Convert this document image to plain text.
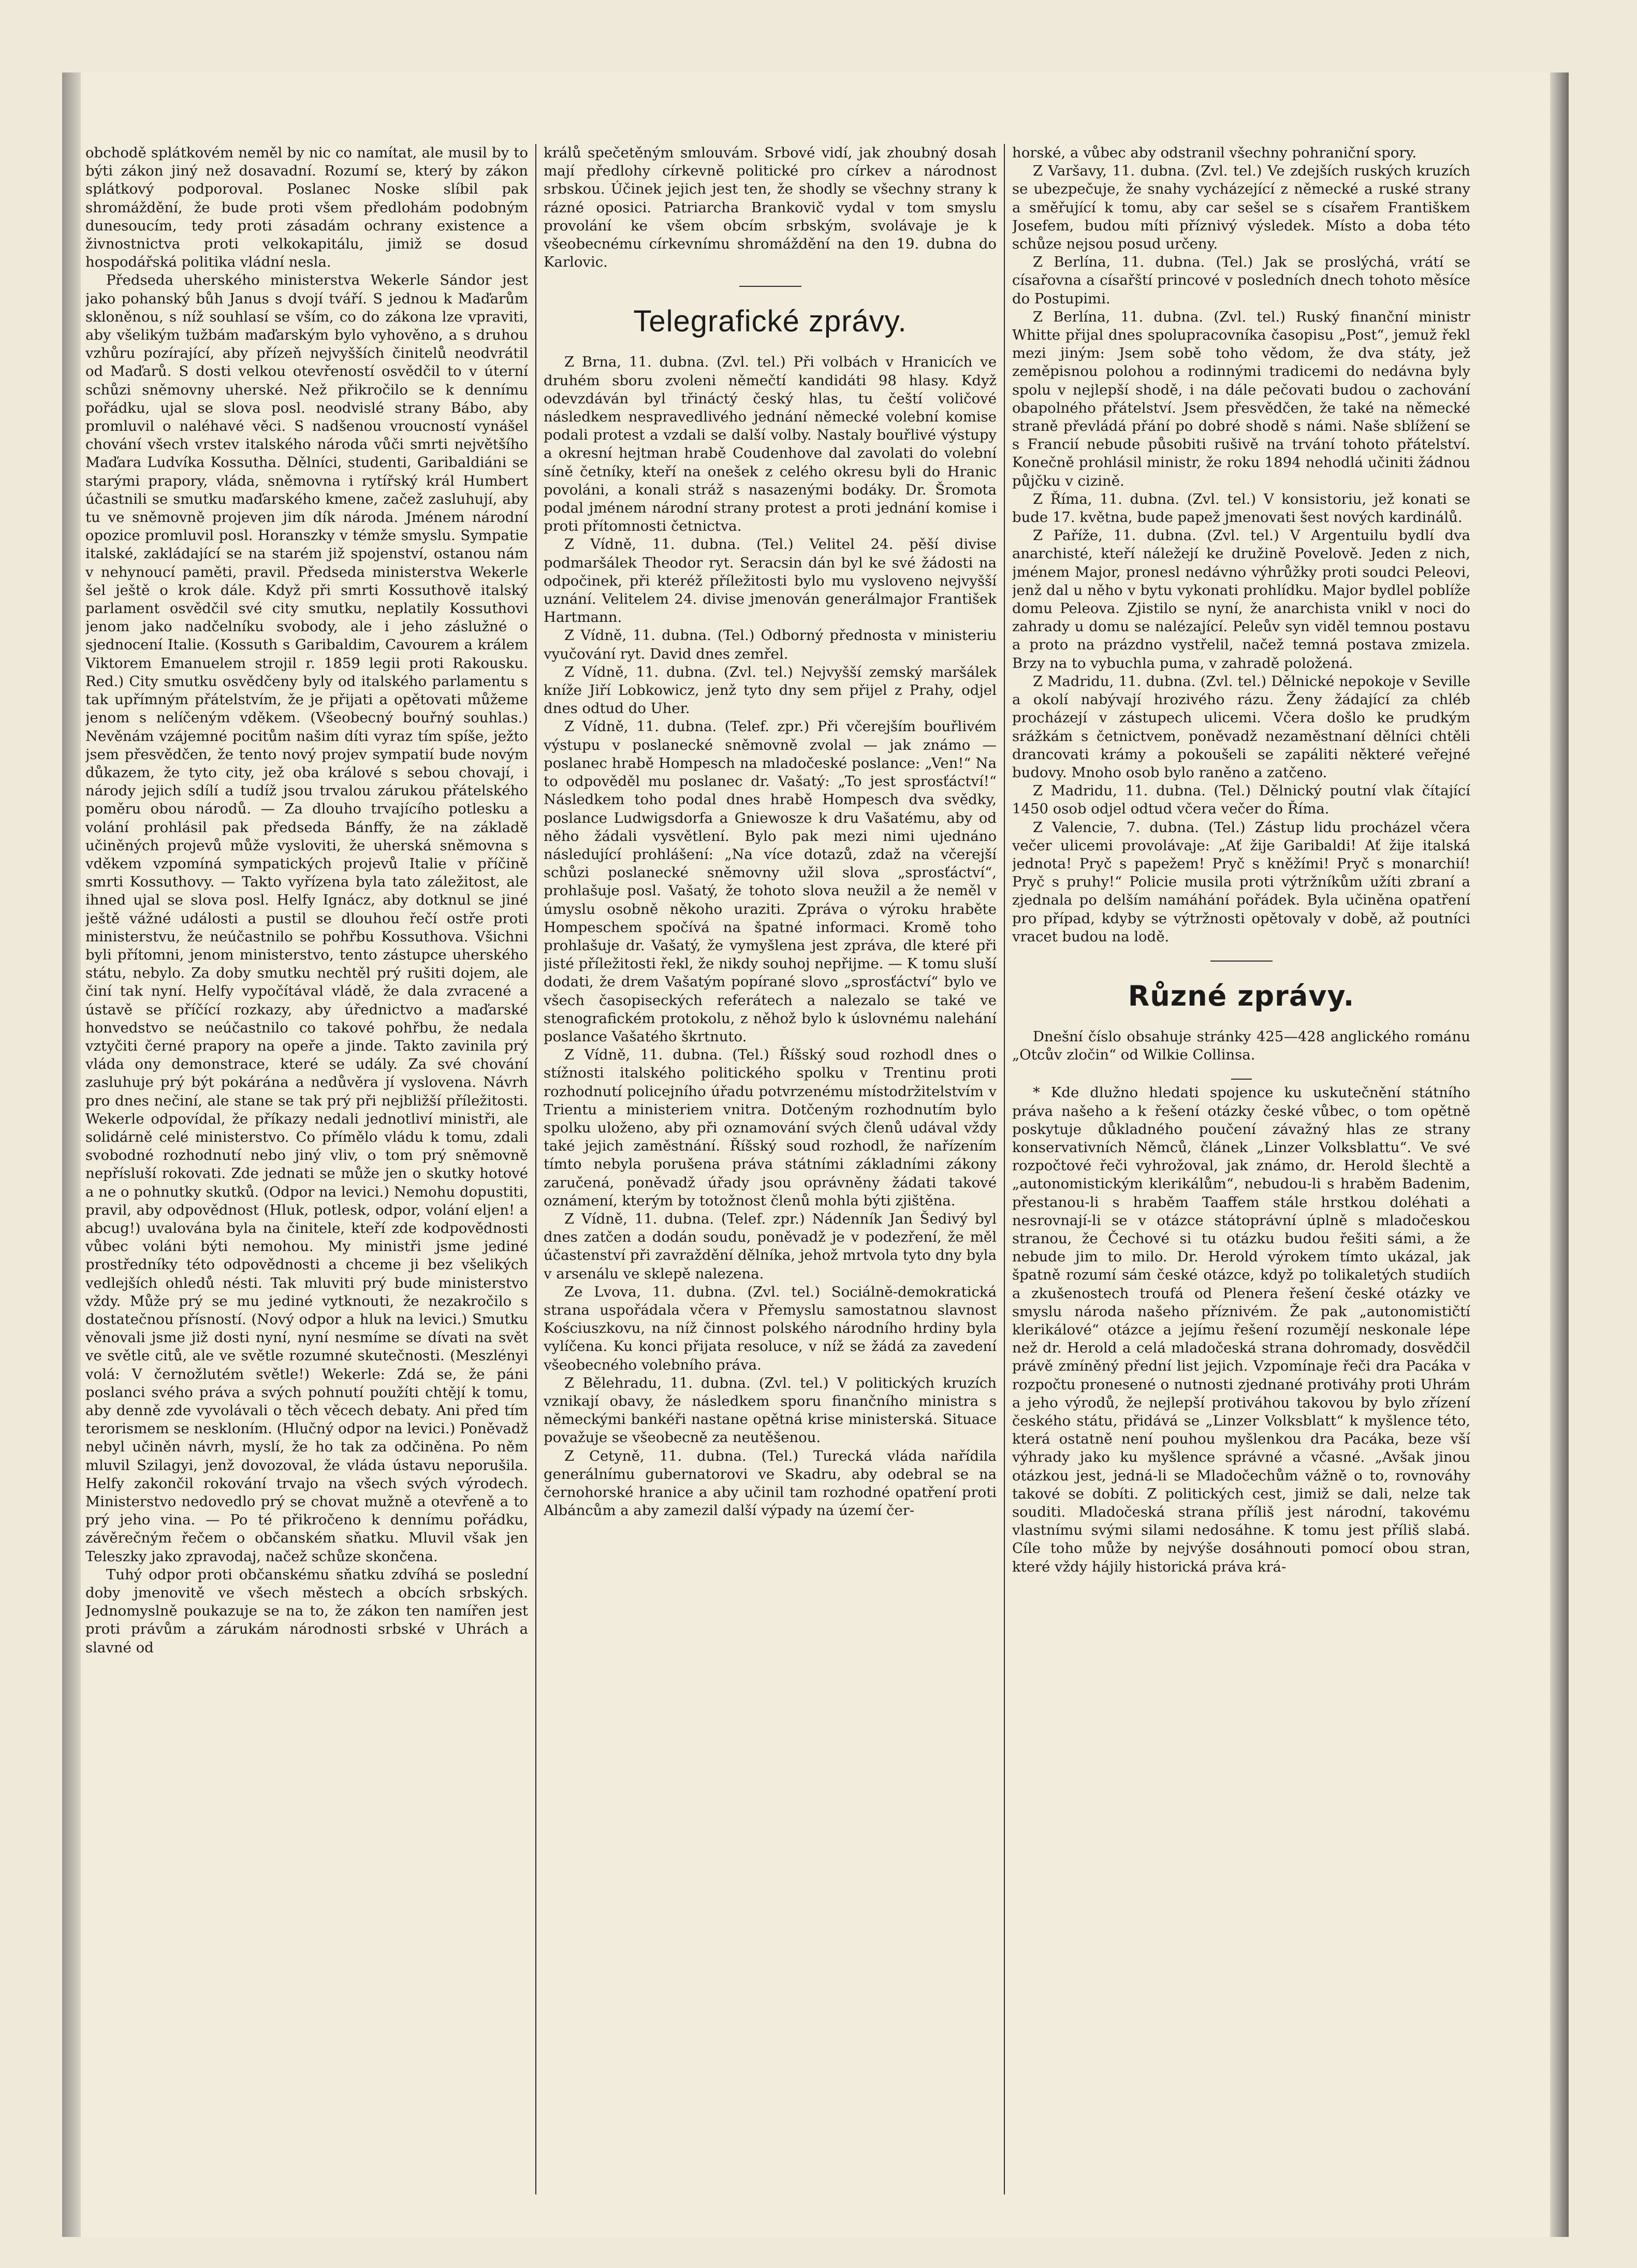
obchodě splátkovém neměl by nic co namítat, ale musil by to býti zákon jiný než dosavadní. Rozumí se, který by zákon splátkový podporoval. Poslanec Noske slíbil pak shromáždění, že bude proti všem předlohám podobným dunesoucím, tedy proti zásadám ochrany existence a živnostnictva proti velkokapitálu, jimiž se dosud hospodářská politika vládní nesla.

Předseda uherského ministerstva Wekerle Sándor jest jako pohanský bůh Janus s dvojí tváří. S jednou k Maďarům skloněnou, s níž souhlasí se vším, co do zákona lze vpraviti, aby všelikým tužbám maďarským bylo vyhověno, a s druhou vzhůru pozírající, aby přízeň nejvyšších činitelů neodvrátil od Maďarů. S dosti velkou otevřeností osvědčil to v úterní schůzi sněmovny uherské. Než přikročilo se k dennímu pořádku, ujal se slova posl. neodvislé strany Bábo, aby promluvil o naléhavé věci. S nadšenou vroucností vynášel chování všech vrstev italského národa vůči smrti největšího Maďara Ludvíka Kossutha. Dělníci, studenti, Garibaldiáni se starými prapory, vláda, sněmovna i rytířský král Humbert účastnili se smutku maďarského kmene, začež zasluhují, aby tu ve sněmovně projeven jim dík národa. Jménem národní opozice promluvil posl. Horanszky v témže smyslu. Sympatie italské, zakládající se na starém již spojenství, ostanou nám v nehynoucí paměti, pravil. Předseda ministerstva Wekerle šel ještě o krok dále. Když při smrti Kossuthově italský parlament osvědčil své city smutku, neplatily Kossuthovi jenom jako nadčelníku svobody, ale i jeho záslužné o sjednocení Italie. (Kossuth s Garibaldim, Cavourem a králem Viktorem Emanuelem strojil r. 1859 legii proti Rakousku. Red.) City smutku osvědčeny byly od italského parlamentu s tak upřímným přátelstvím, že je přijati a opětovati můžeme jenom s nelíčeným vděkem. (Všeobecný bouřný souhlas.) Nevěnám vzájemné pocitům našim díti vyraz tím spíše, ježto jsem přesvědčen, že tento nový projev sympatií bude novým důkazem, že tyto city, jež oba králové s sebou chovají, i národy jejich sdílí a tudíž jsou trvalou zárukou přátelského poměru obou národů. — Za dlouho trvajícího potlesku a volání prohlásil pak předseda Bánffy, že na základě učiněných projevů může vysloviti, že uherská sněmovna s vděkem vzpomíná sympatických projevů Italie v příčině smrti Kossuthovy. — Takto vyřízena byla tato záležitost, ale ihned ujal se slova posl. Helfy Ignácz, aby dotknul se jiné ještě vážné události a pustil se dlouhou řečí ostře proti ministerstvu, že neúčastnilo se pohřbu Kossuthova. Všichni byli přítomni, jenom ministerstvo, tento zástupce uherského státu, nebylo. Za doby smutku nechtěl prý rušiti dojem, ale činí tak nyní. Helfy vypočítával vládě, že dala zvracené a ústavě se příčící rozkazy, aby úřednictvo a maďarské honvedstvo se neúčastnilo co takové pohřbu, že nedala vztyčiti černé prapory na opeře a jinde. Takto zavinila prý vláda ony demonstrace, které se udály. Za své chování zasluhuje prý být pokárána a nedůvěra jí vyslovena. Návrh pro dnes nečiní, ale stane se tak prý při nejbližší příležitosti. Wekerle odpovídal, že příkazy nedali jednotliví ministři, ale solidárně celé ministerstvo. Co přímělo vládu k tomu, zdali svobodné rozhodnutí nebo jiný vliv, o tom prý sněmovně nepřísluší rokovati. Zde jednati se může jen o skutky hotové a ne o pohnutky skutků. (Odpor na levici.) Nemohu dopustiti, pravil, aby odpovědnost (Hluk, potlesk, odpor, volání eljen! a abcug!) uvalována byla na činitele, kteří zde kodpovědnosti vůbec voláni býti nemohou. My ministři jsme jediné prostředníky této odpovědnosti a chceme ji bez všelikých vedlejších ohledů nésti. Tak mluviti prý bude ministerstvo vždy. Může prý se mu jediné vytknouti, že nezakročilo s dostatečnou přísností. (Nový odpor a hluk na levici.) Smutku věnovali jsme již dosti nyní, nyní nesmíme se dívati na svět ve světle citů, ale ve světle rozumné skutečnosti. (Meszlényi volá: V černožlutém světle!) Wekerle: Zdá se, že páni poslanci svého práva a svých pohnutí použíti chtějí k tomu, aby denně zde vyvolávali o těch věcech debaty. Ani před tím terorismem se neskloním. (Hlučný odpor na levici.) Poněvadž nebyl učiněn návrh, myslí, že ho tak za odčiněna. Po něm mluvil Szilagyi, jenž dovozoval, že vláda ústavu neporušila. Helfy zakončil rokování trvajo na všech svých výrodech. Ministerstvo nedovedlo prý se chovat mužně a otevřeně a to prý jeho vina. — Po té přikročeno k dennímu pořádku, závěrečným řečem o občanském sňatku. Mluvil však jen Teleszky jako zpravodaj, načež schůze skončena.

Tuhý odpor proti občanskému sňatku zdvíhá se poslední doby jmenovitě ve všech městech a obcích srbských. Jednomyslně poukazuje se na to, že zákon ten namířen jest proti právům a zárukám národnosti srbské v Uhrách a slavné od

králů spečetěným smlouvám. Srbové vidí, jak zhoubný dosah mají předlohy církevně politické pro církev a národnost srbskou. Účinek jejich jest ten, že shodly se všechny strany k rázné oposici. Patriarcha Brankovič vydal v tom smyslu provolání ke všem obcím srbským, svolávaje je k všeobecnému církevnímu shromáždění na den 19. dubna do Karlovic.

Telegrafické zprávy.

Z Brna, 11. dubna. (Zvl. tel.) Při volbách v Hranicích ve druhém sboru zvoleni němečtí kandidáti 98 hlasy. Když odevzdáván byl třináctý český hlas, tu čeští voličové následkem nespravedlivého jednání německé volební komise podali protest a vzdali se další volby. Nastaly bouřlivé výstupy a okresní hejtman hrabě Coudenhove dal zavolati do volební síně četníky, kteří na onešek z celého okresu byli do Hranic povoláni, a konali stráž s nasazenými bodáky. Dr. Šromota podal jménem národní strany protest a proti jednání komise i proti přítomnosti četnictva.

Z Vídně, 11. dubna. (Tel.) Velitel 24. pěší divise podmaršálek Theodor ryt. Seracsin dán byl ke své žádosti na odpočinek, při kteréž příležitosti bylo mu vysloveno nejvyšší uznání. Velitelem 24. divise jmenován generálmajor František Hartmann.

Z Vídně, 11. dubna. (Tel.) Odborný přednosta v ministeriu vyučování ryt. David dnes zemřel.

Z Vídně, 11. dubna. (Zvl. tel.) Nejvyšší zemský maršálek kníže Jiří Lobkowicz, jenž tyto dny sem přijel z Prahy, odjel dnes odtud do Uher.

Z Vídně, 11. dubna. (Telef. zpr.) Při včerejším bouřlivém výstupu v poslanecké sněmovně zvolal — jak známo — poslanec hrabě Hompesch na mladočeské poslance: „Ven!“ Na to odpověděl mu poslanec dr. Vašatý: „To jest sprosťáctví!“ Následkem toho podal dnes hrabě Hompesch dva svědky, poslance Ludwigsdorfa a Gniewosze k dru Vašatému, aby od něho žádali vysvětlení. Bylo pak mezi nimi ujednáno následující prohlášení: „Na více dotazů, zdaž na včerejší schůzi poslanecké sněmovny užil slova „sprosťáctví“, prohlašuje posl. Vašatý, že tohoto slova neužil a že neměl v úmyslu osobně někoho uraziti. Zpráva o výroku hraběte Hompeschem spočívá na špatné informaci. Kromě toho prohlašuje dr. Vašatý, že vymyšlena jest zpráva, dle které při jisté příležitosti řekl, že nikdy souhoj nepřijme. — K tomu sluší dodati, že drem Vašatým popírané slovo „sprosťáctví“ bylo ve všech časopiseckých referátech a nalezalo se také ve stenografickém protokolu, z něhož bylo k úslovnému nalehání poslance Vašatého škrtnuto.

Z Vídně, 11. dubna. (Tel.) Říšský soud rozhodl dnes o stížnosti italského politického spolku v Trentinu proti rozhodnutí policejního úřadu potvrzenému místodržitelstvím v Trientu a ministeriem vnitra. Dotčeným rozhodnutím bylo spolku uloženo, aby při oznamování svých členů udával vždy také jejich zaměstnání. Říšský soud rozhodl, že nařízením tímto nebyla porušena práva státními základními zákony zaručená, poněvadž úřady jsou oprávněny žádati takové oznámení, kterým by totožnost členů mohla býti zjištěna.

Z Vídně, 11. dubna. (Telef. zpr.) Nádenník Jan Šedivý byl dnes zatčen a dodán soudu, poněvadž je v podezření, že měl účastenství při zavraždění dělníka, jehož mrtvola tyto dny byla v arsenálu ve sklepě nalezena.

Ze Lvova, 11. dubna. (Zvl. tel.) Sociálně-demokratická strana uspořádala včera v Přemyslu samostatnou slavnost Kościuszkovu, na níž činnost polského národního hrdiny byla vylíčena. Ku konci přijata resoluce, v níž se žádá za zavedení všeobecného volebního práva.

Z Bělehradu, 11. dubna. (Zvl. tel.) V politických kruzích vznikají obavy, že následkem sporu finančního ministra s německými bankéři nastane opětná krise ministerská. Situace považuje se všeobecně za neutěšenou.

Z Cetyně, 11. dubna. (Tel.) Turecká vláda nařídila generálnímu gubernatorovi ve Skadru, aby odebral se na černohorské hranice a aby učinil tam rozhodné opatření proti Albáncům a aby zamezil další výpady na území čer-

horské, a vůbec aby odstranil všechny pohraniční spory.

Z Varšavy, 11. dubna. (Zvl. tel.) Ve zdejších ruských kruzích se ubezpečuje, že snahy vycházející z německé a ruské strany a směřující k tomu, aby car sešel se s císařem Františkem Josefem, budou míti příznivý výsledek. Místo a doba této schůze nejsou posud určeny.

Z Berlína, 11. dubna. (Tel.) Jak se proslýchá, vrátí se císařovna a císařští princové v posledních dnech tohoto měsíce do Postupimi.

Z Berlína, 11. dubna. (Zvl. tel.) Ruský finanční ministr Whitte přijal dnes spolupracovníka časopisu „Post“, jemuž řekl mezi jiným: Jsem sobě toho vědom, že dva státy, jež zeměpisnou polohou a rodinnými tradicemi do nedávna byly spolu v nejlepší shodě, i na dále pečovati budou o zachování obapolného přátelství. Jsem přesvědčen, že také na německé straně převládá přání po dobré shodě s námi. Naše sblížení se s Francií nebude působiti rušivě na trvání tohoto přátelství. Konečně prohlásil ministr, že roku 1894 nehodlá učiniti žádnou půjčku v cizině.

Z Říma, 11. dubna. (Zvl. tel.) V konsistoriu, jež konati se bude 17. května, bude papež jmenovati šest nových kardinálů.

Z Paříže, 11. dubna. (Zvl. tel.) V Argentuilu bydlí dva anarchisté, kteří náležejí ke družině Povelově. Jeden z nich, jménem Major, pronesl nedávno výhrůžky proti soudci Peleovi, jenž dal u něho v bytu vykonati prohlídku. Major bydlel poblíže domu Peleova. Zjistilo se nyní, že anarchista vnikl v noci do zahrady u domu se nalézající. Peleův syn viděl temnou postavu a proto na prázdno vystřelil, načež temná postava zmizela. Brzy na to vybuchla puma, v zahradě položená.

Z Madridu, 11. dubna. (Zvl. tel.) Dělnické nepokoje v Seville a okolí nabývají hrozivého rázu. Ženy žádající za chléb procházejí v zástupech ulicemi. Včera došlo ke prudkým srážkám s četnictvem, poněvadž nezaměstnaní dělníci chtěli drancovati krámy a pokoušeli se zapáliti některé veřejné budovy. Mnoho osob bylo raněno a zatčeno.

Z Madridu, 11. dubna. (Tel.) Dělnický poutní vlak čítající 1450 osob odjel odtud včera večer do Říma.

Z Valencie, 7. dubna. (Tel.) Zástup lidu procházel včera večer ulicemi provolávaje: „Ať žije Garibaldi! Ať žije italská jednota! Pryč s papežem! Pryč s kněžími! Pryč s monarchií! Pryč s pruhy!“ Policie musila proti výtržníkům užíti zbraní a zjednala po delším namáhání pořádek. Byla učiněna opatření pro případ, kdyby se výtržnosti opětovaly v době, až poutníci vracet budou na lodě.

Různé zprávy.

Dnešní číslo obsahuje stránky 425—428 anglického románu „Otcův zločin“ od Wilkie Collinsa.

* Kde dlužno hledati spojence ku uskutečnění státního práva našeho a k řešení otázky české vůbec, o tom opětně poskytuje důkladného poučení závažný hlas ze strany konservativních Němců, článek „Linzer Volksblattu“. Ve své rozpočtové řeči vyhrožoval, jak známo, dr. Herold šlechtě a „autonomistickým klerikálům“, nebudou-li s hraběm Badenim, přestanou-li s hraběm Taaffem stále hrstkou doléhati a nesrovnají-li se v otázce státoprávní úplně s mladočeskou stranou, že Čechové si tu otázku budou řešiti sámi, a že nebude jim to milo. Dr. Herold výrokem tímto ukázal, jak špatně rozumí sám české otázce, když po tolikaletých studiích a zkušenostech troufá od Plenera řešení české otázky ve smyslu národa našeho příznivém. Že pak „autonomističtí klerikálové“ otázce a jejímu řešení rozumějí neskonale lépe než dr. Herold a celá mladočeská strana dohromady, dosvědčil právě zmíněný přední list jejich. Vzpomínaje řeči dra Pacáka v rozpočtu pronesené o nutnosti zjednané protiváhy proti Uhrám a jeho výrodů, že nejlepší protiváhou takovou by bylo zřízení českého státu, přidává se „Linzer Volksblatt“ k myšlence této, která ostatně není pouhou myšlenkou dra Pacáka, beze vší výhrady jako ku myšlence správné a včasné. „Avšak jinou otázkou jest, jedná-li se Mladočechům vážně o to, rovnováhy takové se dobíti. Z politických cest, jimiž se dali, nelze tak souditi. Mladočeská strana příliš jest národní, takovému vlastnímu svými silami nedosáhne. K tomu jest příliš slabá. Cíle toho může by nejvýše dosáhnouti pomocí obou stran, které vždy hájily historická práva krá-
